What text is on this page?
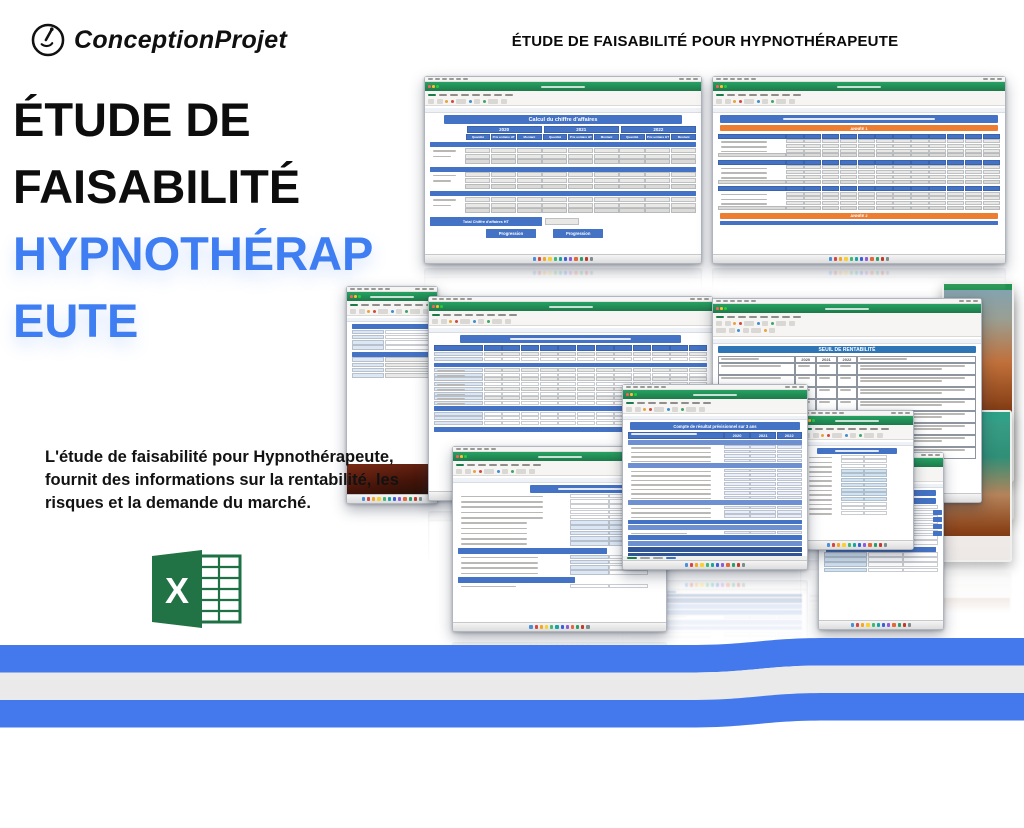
ConceptionProjet	ÉTUDE DE FAISABILITÉ POUR HYPNOTHÉRAPEUTE
ÉTUDE DE
FAISABILITÉ
HYPNOTHÉRAP
EUTE

L'étude de faisabilité pour Hypnothérapeute, fournit des informations sur la rentabilité, les risques et la demande du marché.

X
SEUIL DE RENTABILITÉ
2020	2021	2022
Calcul du chiffre d'affaires
2020	2021	2022
Quantité	Prix unitaire HT	Montant	Quantité	Prix unitaire HT	Montant	Quantité	Prix unitaire HT	Montant
Total Chiffre d'affaires HT
Progression	Progression
ANNÉE 1
ANNÉE 2
Compte de résultat prévisionnel sur 3 ans
2020	2021	2022
